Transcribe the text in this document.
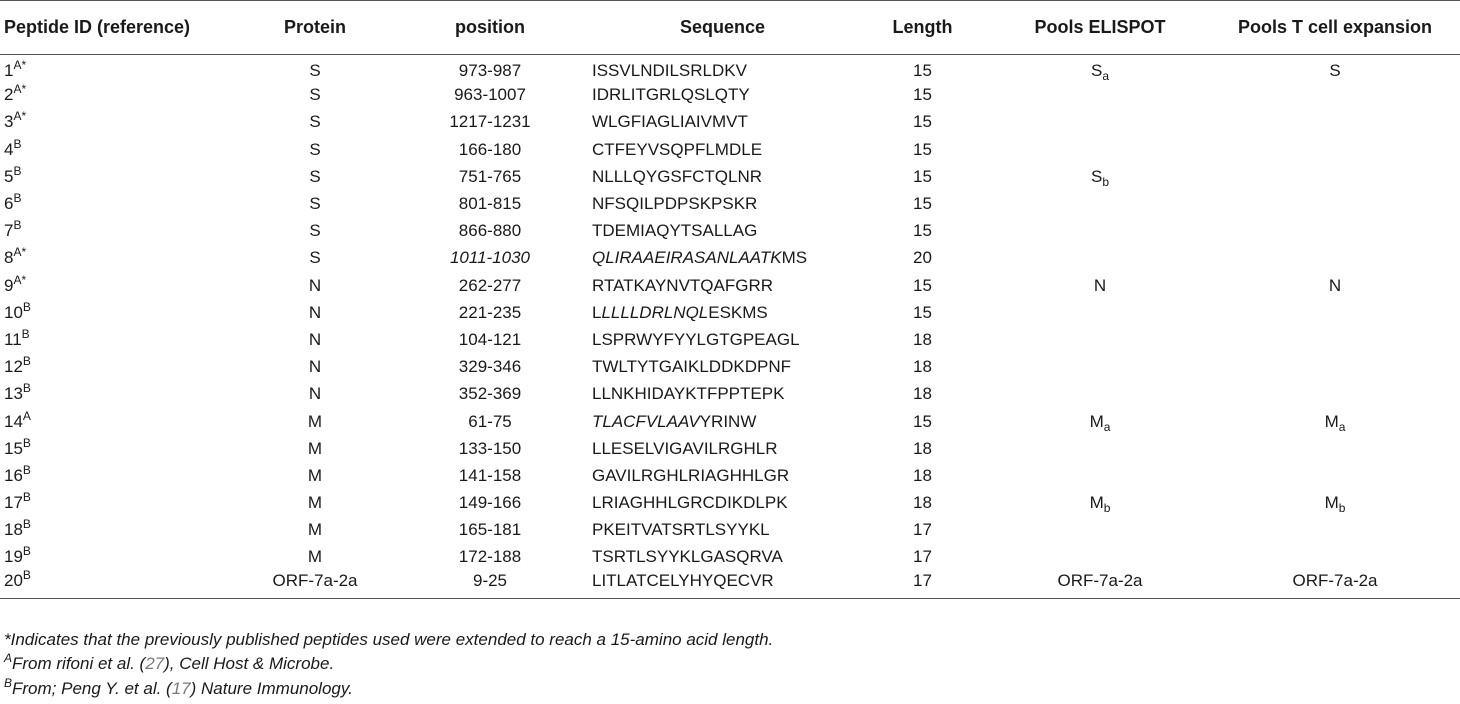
Peptide ID (reference)	Protein	position	Sequence	Length	Pools ELISPOT	Pools T cell expansion
$1^{A*}$	S	973-987	ISSVLNDILSRLDKV	15	$S_a$	S
$2^{A*}$	S	963-1007	IDRLITGRLQSLQTY	15		
$3^{A*}$	S	1217-1231	WLGFIAGLIAIVMVT	15		
$4^B$	S	166-180	CTFEYVSQPFLMDLE	15		
$5^B$	S	751-765	NLLLQYGSFCTQLNR	15	$S_b$	
$6^B$	S	801-815	NFSQILPDPSKPSKR	15		
$7^B$	S	866-880	TDEMIAQYTSALLAG	15		
$8^{A*}$	S	1011-1030	QLIRAAEIRASANLAATKMS	20		
$9^{A*}$	N	262-277	RTATKAYNVTQAFGRR	15	N	N
$10^B$	N	221-235	LLLLLDRLNQLESKMS	15		
$11^B$	N	104-121	LSPRWYFYYLGTGPEAGL	18		
$12^B$	N	329-346	TWLTYTGAIKLDDKDPNF	18		
$13^B$	N	352-369	LLNKHIDAYKTFPPTEPK	18		
$14^A$	M	61-75	TLACFVLAAVYRINW	15	$M_a$	$M_a$
$15^B$	M	133-150	LLESELVIGAVILRGHLR	18		
$16^B$	M	141-158	GAVILRGHLRIAGHHLGR	18		
$17^B$	M	149-166	LRIAGHHLGRCDIKDLPK	18	$M_b$	$M_b$
$18^B$	M	165-181	PKEITVATSRTLSYYKL	17		
$19^B$	M	172-188	TSRTLSYYKLGASQRVA	17		
$20^B$	ORF-7a-2a	9-25	LITLATCELYHYQECVR	17	ORF-7a-2a	ORF-7a-2a
*Indicates that the previously published peptides used were extended to reach a 15-amino acid length.
$^A$From rifoni et al. (27), Cell Host & Microbe.
$^B$From; Peng Y. et al. (17) Nature Immunology.
